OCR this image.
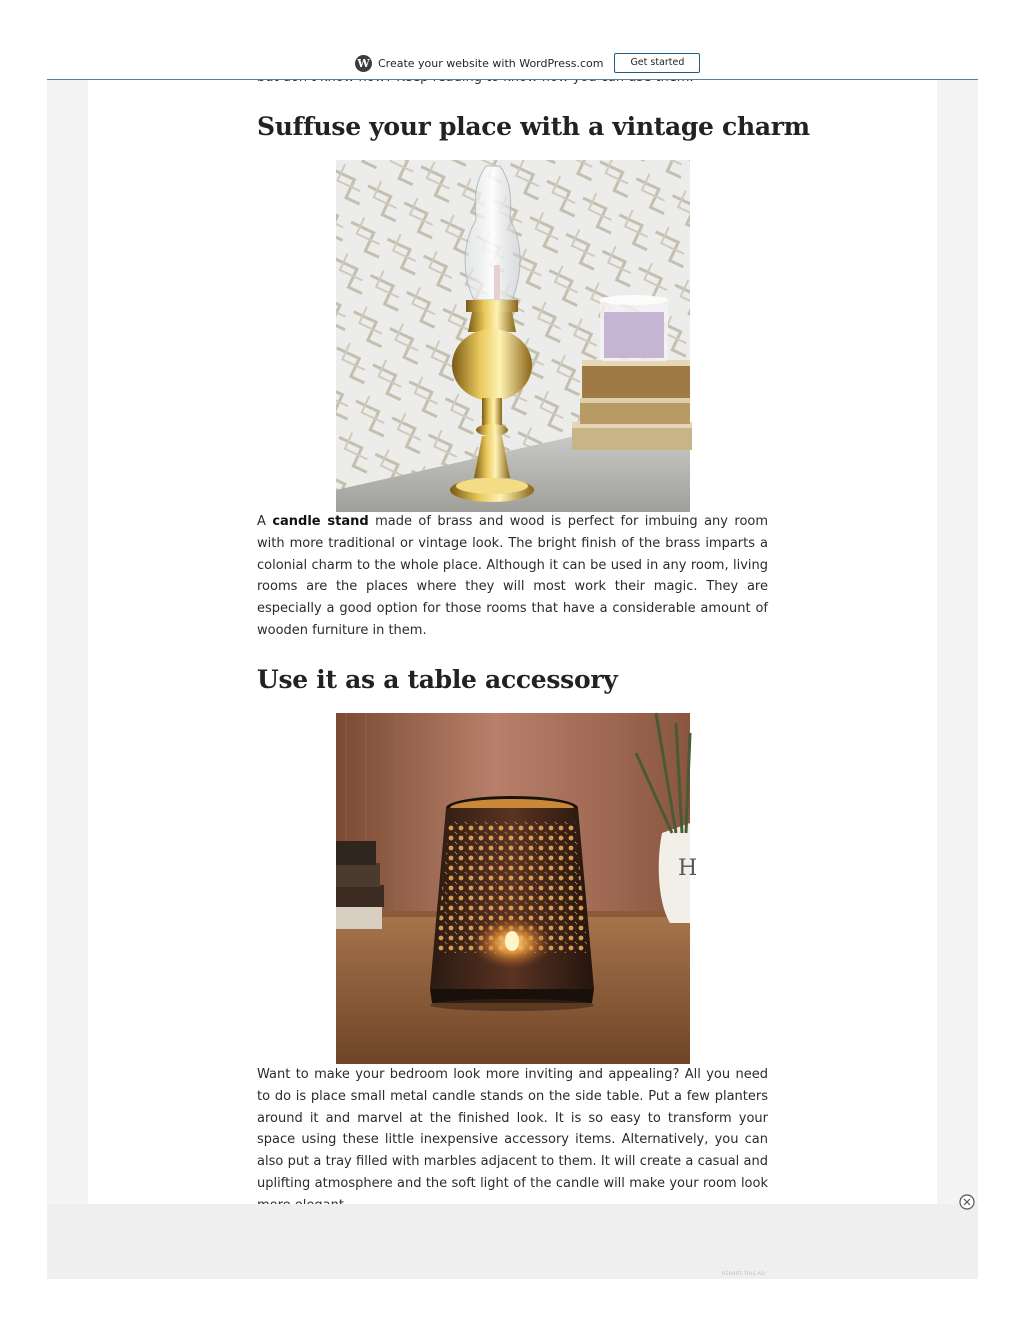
Suffuse your place with a vintage charm

A candle stand made of brass and wood is perfect for imbuing any room with more traditional or vintage look. The bright finish of the brass imparts a colonial charm to the whole place. Although it can be used in any room, living rooms are the places where they will most work their magic. They are especially a good option for those rooms that have a considerable amount of wooden furniture in them.

Use it as a table accessory
H

Want to make your bedroom look more inviting and appealing? All you need to do is place small metal candle stands on the side table. Put a few planters around it and marvel at the finished look. It is so easy to transform your space using these little inexpensive accessory items. Alternatively, you can also put a tray filled with marbles adjacent to them. It will create a casual and uplifting atmosphere and the soft light of the candle will make your room look

W Create your website with WordPress.com	Get started
REPORT THIS AD
